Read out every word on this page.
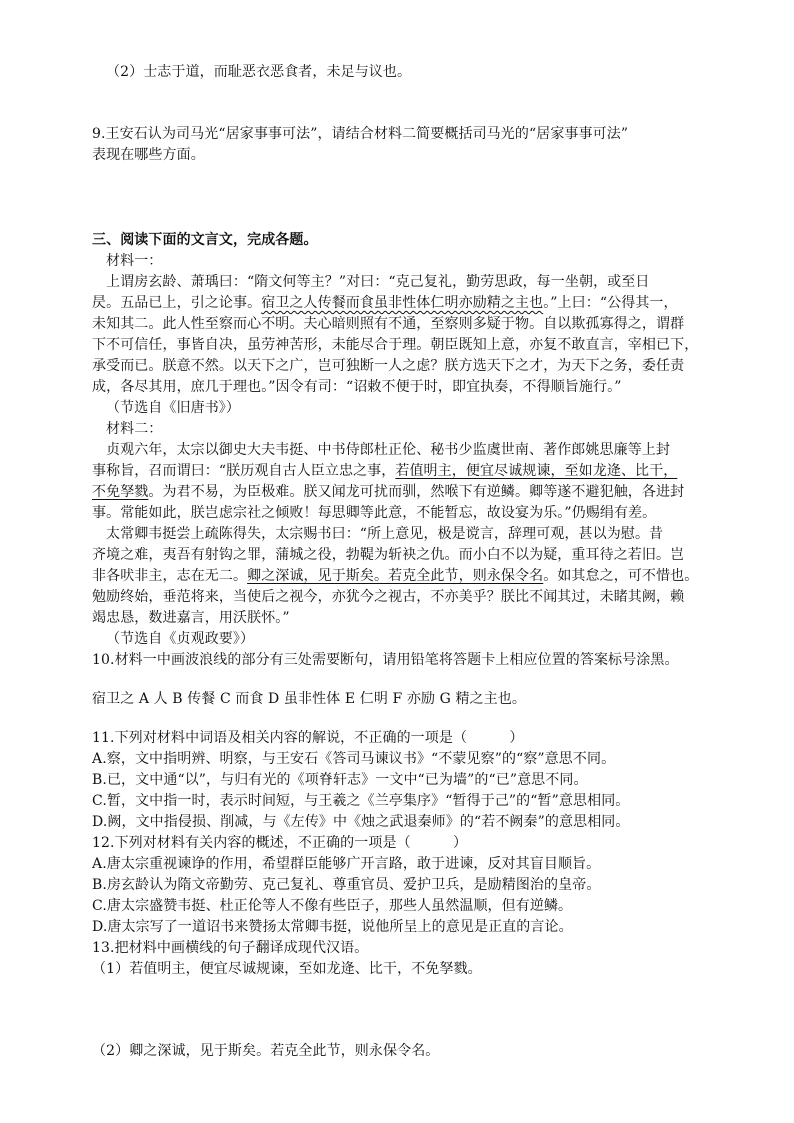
（2）士志于道，而耻恶衣恶食者，未足与议也。
9.王安石认为司马光“居家事事可法”，请结合材料二简要概括司马光的“居家事事可法”
表现在哪些方面。
三、阅读下面的文言文，完成各题。
材料一：
上谓房玄龄、萧瑀曰：“隋文何等主？”对曰：“克己复礼，勤劳思政，每一坐朝，或至日
昃。五品已上，引之论事。宿卫之人传餐而食虽非性体仁明亦励精之主也。”上曰：“公得其一，
未知其二。此人性至察而心不明。夫心暗则照有不通，至察则多疑于物。自以欺孤寡得之，谓群
下不可信任，事皆自决，虽劳神苦形，未能尽合于理。朝臣既知上意，亦复不敢直言，宰相已下，
承受而已。朕意不然。以天下之广，岂可独断一人之虑？朕方选天下之才，为天下之务，委任责
成，各尽其用，庶几于理也。”因令有司：“诏敕不便于时，即宜执奏，不得顺旨施行。”
（节选自《旧唐书》）
材料二：
贞观六年，太宗以御史大夫韦挺、中书侍郎杜正伦、秘书少监虞世南、著作郎姚思廉等上封
事称旨，召而谓曰：“朕历观自古人臣立忠之事，若值明主，便宜尽诚规谏，至如龙逄、比干，
不免孥戮。为君不易，为臣极难。朕又闻龙可扰而驯，然喉下有逆鳞。卿等遂不避犯触，各进封
事。常能如此，朕岂虑宗社之倾败！每思卿等此意，不能暂忘，故设宴为乐。”仍赐绢有差。
太常卿韦挺尝上疏陈得失，太宗赐书曰：“所上意见，极是谠言，辞理可观，甚以为慰。昔
齐境之难，夷吾有射钩之罪，蒲城之役，勃鞮为斩袂之仇。而小白不以为疑，重耳待之若旧。岂
非各吠非主，志在无二。卿之深诚，见于斯矣。若克全此节，则永保令名。如其怠之，可不惜也。
勉励终始，垂范将来，当使后之视今，亦犹今之视古，不亦美乎？朕比不闻其过，未睹其阙，赖
竭忠恳，数进嘉言，用沃朕怀。”
（节选自《贞观政要》）
10.材料一中画波浪线的部分有三处需要断句，请用铅笔将答题卡上相应位置的答案标号涂黑。
宿卫之 A 人 B 传餐 C 而食 D 虽非性体 E 仁明 F 亦励 G 精之主也。
11.下列对材料中词语及相关内容的解说，不正确的一项是（　　　）
A.察，文中指明辨、明察，与王安石《答司马谏议书》“不蒙见察”的“察”意思不同。
B.已，文中通“以”，与归有光的《项脊轩志》一文中“已为墙”的“已”意思不同。
C.暂，文中指一时，表示时间短，与王羲之《兰亭集序》“暂得于己”的“暂”意思相同。
D.阙，文中指侵损、削减，与《左传》中《烛之武退秦师》的“若不阙秦”的意思相同。
12.下列对材料有关内容的概述，不正确的一项是（　　　）
A.唐太宗重视谏诤的作用，希望群臣能够广开言路，敢于进谏，反对其盲目顺旨。
B.房玄龄认为隋文帝勤劳、克己复礼、尊重官员、爱护卫兵，是励精图治的皇帝。
C.唐太宗盛赞韦挺、杜正伦等人不像有些臣子，那些人虽然温顺，但有逆鳞。
D.唐太宗写了一道诏书来赞扬太常卿韦挺，说他所呈上的意见是正直的言论。
13.把材料中画横线的句子翻译成现代汉语。
（1）若值明主，便宜尽诚规谏，至如龙逄、比干，不免孥戮。
（2）卿之深诚，见于斯矣。若克全此节，则永保令名。
